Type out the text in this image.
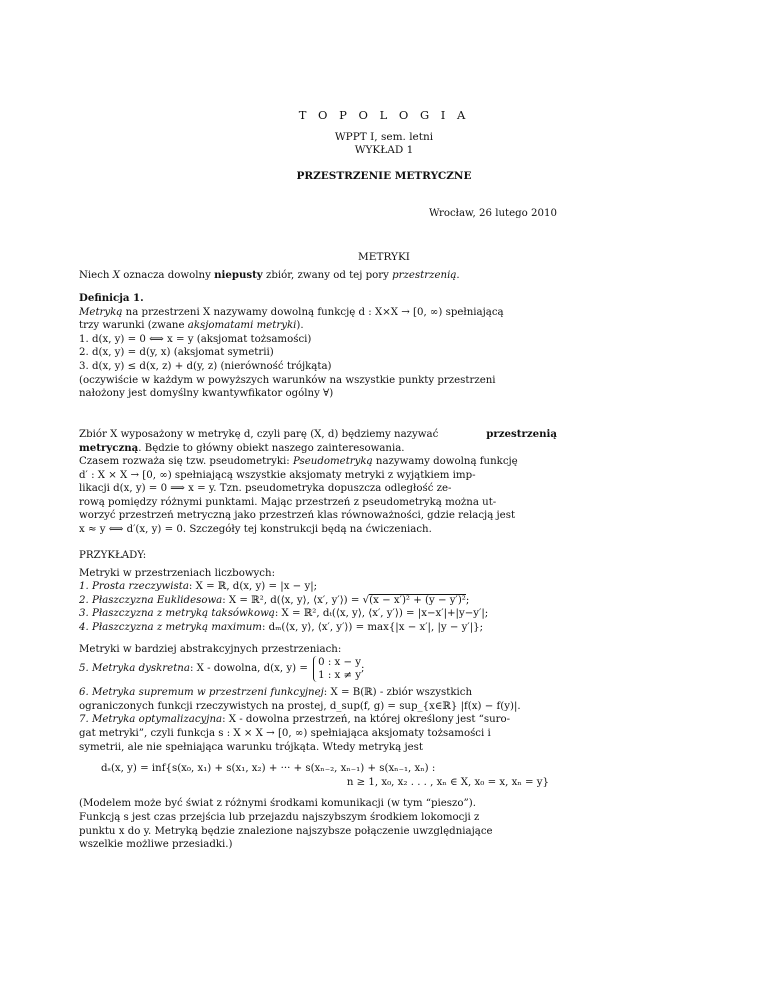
T O P O L O G I A
WPPT I, sem. letni
WYKŁAD 1
PRZESTRZENIE METRYCZNE
Wrocław, 26 lutego 2010
METRYKI
Niech X oznacza dowolny niepusty zbiór, zwany od tej pory przestrzenią.
Definicja 1.
Metryką na przestrzeni X nazywamy dowolną funkcję d : X×X → [0, ∞) spełniającą
trzy warunki (zwane aksjomatami metryki).
1. d(x, y) = 0 ⟺ x = y (aksjomat tożsamości)
2. d(x, y) = d(y, x) (aksjomat symetrii)
3. d(x, y) ≤ d(x, z) + d(y, z) (nierówność trójkąta)
(oczywiście w każdym w powyższych warunków na wszystkie punkty przestrzeni
nałożony jest domyślny kwantywfikator ogólny ∀)
Zbiór X wyposażony w metrykę d, czyli parę (X, d) będziemy nazywać	przestrzenią
metryczną. Będzie to główny obiekt naszego zainteresowania.
Czasem rozważa się tzw. pseudometryki: Pseudometryką nazywamy dowolną funkcję
d′ : X × X → [0, ∞) spełniającą wszystkie aksjomaty metryki z wyjątkiem imp-
likacji d(x, y) = 0 ⟹ x = y. Tzn. pseudometryka dopuszcza odległość ze-
rową pomiędzy różnymi punktami. Mając przestrzeń z pseudometryką można ut-
worzyć przestrzeń metryczną jako przestrzeń klas równoważności, gdzie relacją jest
x ≈ y ⟺ d′(x, y) = 0. Szczegóły tej konstrukcji będą na ćwiczeniach.
PRZYKŁADY:
Metryki w przestrzeniach liczbowych:
1. Prosta rzeczywista: X = ℝ, d(x, y) = |x − y|;
2. Płaszczyzna Euklidesowa: X = ℝ², d(⟨x, y⟩, ⟨x′, y′⟩) = √(x − x′)² + (y − y′)²;
3. Płaszczyzna z metryką taksówkową: X = ℝ², dₜ(⟨x, y⟩, ⟨x′, y′⟩) = |x−x′|+|y−y′|;
4. Płaszczyzna z metryką maximum: dₘ(⟨x, y⟩, ⟨x′, y′⟩) = max{|x − x′|, |y − y′|};
Metryki w bardziej abstrakcyjnych przestrzeniach:
5. Metryka dyskretna : X - dowolna, d(x, y) =
0 : x − y
1 : x ≠ y
;
6. Metryka supremum w przestrzeni funkcyjnej: X = B(ℝ) - zbiór wszystkich
ograniczonych funkcji rzeczywistych na prostej, d_sup(f, g) = sup_{x∈ℝ} |f(x) − f(y)|.
7. Metryka optymalizacyjna: X - dowolna przestrzeń, na której określony jest “suro-
gat metryki”, czyli funkcja s : X × X → [0, ∞) spełniająca aksjomaty tożsamości i
symetrii, ale nie spełniająca warunku trójkąta. Wtedy metryką jest
dₛ(x, y) = inf{s(x₀, x₁) + s(x₁, x₂) + ··· + s(xₙ₋₂, xₙ₋₁) + s(xₙ₋₁, xₙ) :
n ≥ 1, x₀, x₂ . . . , xₙ ∈ X, x₀ = x, xₙ = y}
(Modelem może być świat z różnymi środkami komunikacji (w tym “pieszo”).
Funkcją s jest czas przejścia lub przejazdu najszybszym środkiem lokomocji z
punktu x do y. Metryką będzie znalezione najszybsze połączenie uwzględniające
wszelkie możliwe przesiadki.)
